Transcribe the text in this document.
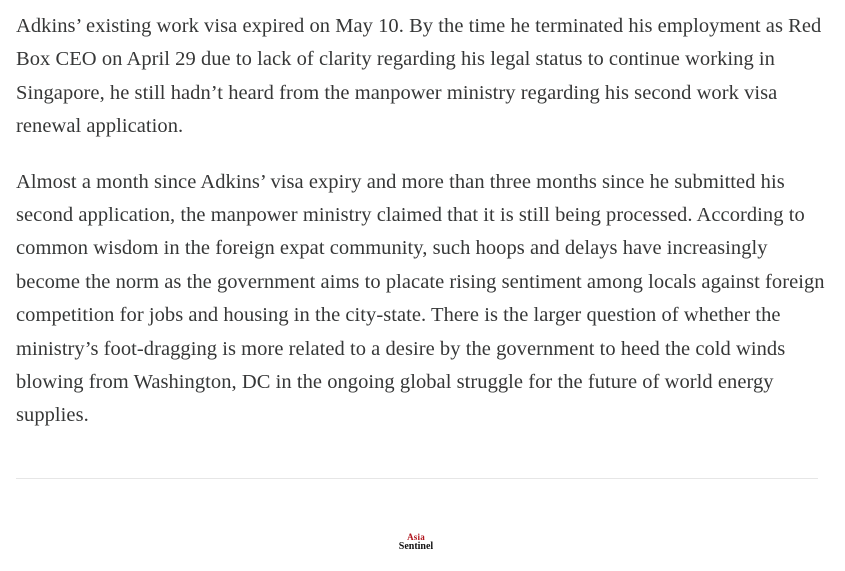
Adkins’ existing work visa expired on May 10. By the time he terminated his employment as Red Box CEO on April 29 due to lack of clarity regarding his legal status to continue working in Singapore, he still hadn’t heard from the manpower ministry regarding his second work visa renewal application.

Almost a month since Adkins’ visa expiry and more than three months since he submitted his second application, the manpower ministry claimed that it is still being processed. According to common wisdom in the foreign expat community, such hoops and delays have increasingly become the norm as the government aims to placate rising sentiment among locals against foreign competition for jobs and housing in the city-state. There is the larger question of whether the ministry’s foot-dragging is more related to a desire by the government to heed the cold winds blowing from Washington, DC in the ongoing global struggle for the future of world energy supplies.

Asia
Sentinel
